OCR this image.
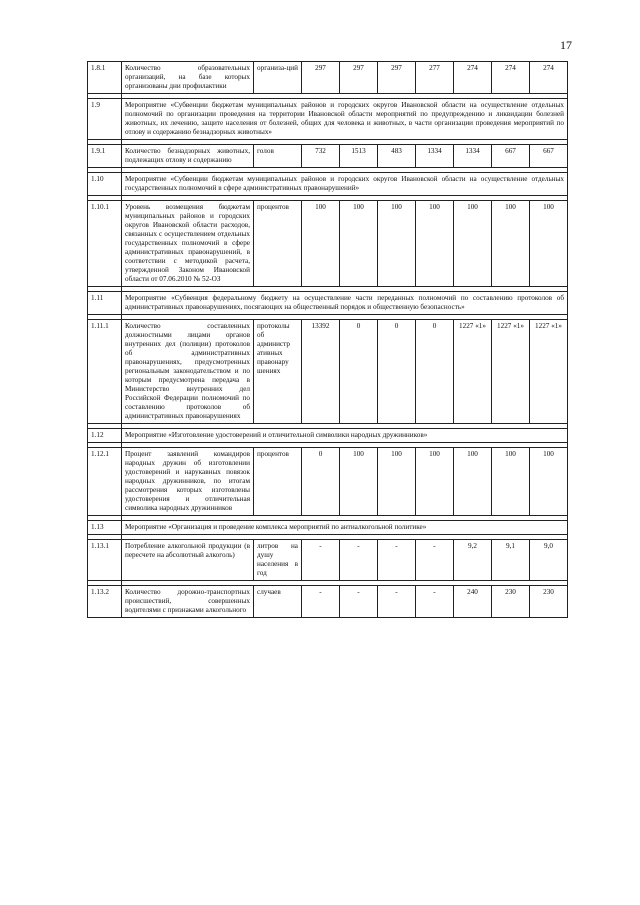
17
1.8.1	Количество образовательных организаций, на базе которых организованы дни профилактики	организа-ций	297	297	297	277	274	274	274

1.9	Мероприятие «Субвенции бюджетам муниципальных районов и городских округов Ивановской области на осуществление отдельных полномочий по организации проведения на территории Ивановской области мероприятий по предупреждению и ликвидации болезней животных, их лечению, защите населения от болезней, общих для человека и животных, в части организации проведения мероприятий по отлову и содержанию безнадзорных животных»								

1.9.1	Количество безнадзорных животных, подлежащих отлову и содержанию	голов	732	1513	483	1334	1334	667	667

1.10	Мероприятие «Субвенции бюджетам муниципальных районов и городских округов Ивановской области на осуществление отдельных государственных полномочий в сфере административных правонарушений»								

1.10.1	Уровень возмещения бюджетам муниципальных районов и городских округов Ивановской области расходов, связанных с осуществлением отдельных государственных полномочий в сфере административных правонарушений, в соответствии с методикой расчета, утвержденной Законом Ивановской области от 07.06.2010 № 52-ОЗ	процентов	100	100	100	100	100	100	100

1.11	Мероприятие «Субвенция федеральному бюджету на осуществление части переданных полномочий по составлению протоколов об административных правонарушениях, посягающих на общественный порядок и общественную безопасность»								

1.11.1	Количество составленных должностными лицами органов внутренних дел (полиции) протоколов об административных правонарушениях, предусмотренных региональным законодательством и по которым предусмотрена передача в Министерство внутренних дел Российской Федерации полномочий по составлению протоколов об административных правонарушениях	протоколы об администр ативных правонару шениях	13392	0	0	0	1227 «1»	1227 «1»	1227 «1»

1.12	Мероприятие «Изготовление удостоверений и отличительной символики народных дружинников»								

1.12.1	Процент заявлений командиров народных дружин об изготовлении удостоверений и нарукавных повязок народных дружинников, по итогам рассмотрения которых изготовлены удостоверения и отличительная символика народных дружинников	процентов	0	100	100	100	100	100	100

1.13	Мероприятие «Организация и проведение комплекса мероприятий по антиалкогольной политике»								

1.13.1	Потребление алкогольной продукции (в пересчете на абсолютный алкоголь)	литров на душу населения в год	-	-	-	-	9,2	9,1	9,0

1.13.2	Количество дорожно-транспортных происшествий, совершенных водителями с признаками алкогольного	случаев	-	-	-	-	240	230	230
